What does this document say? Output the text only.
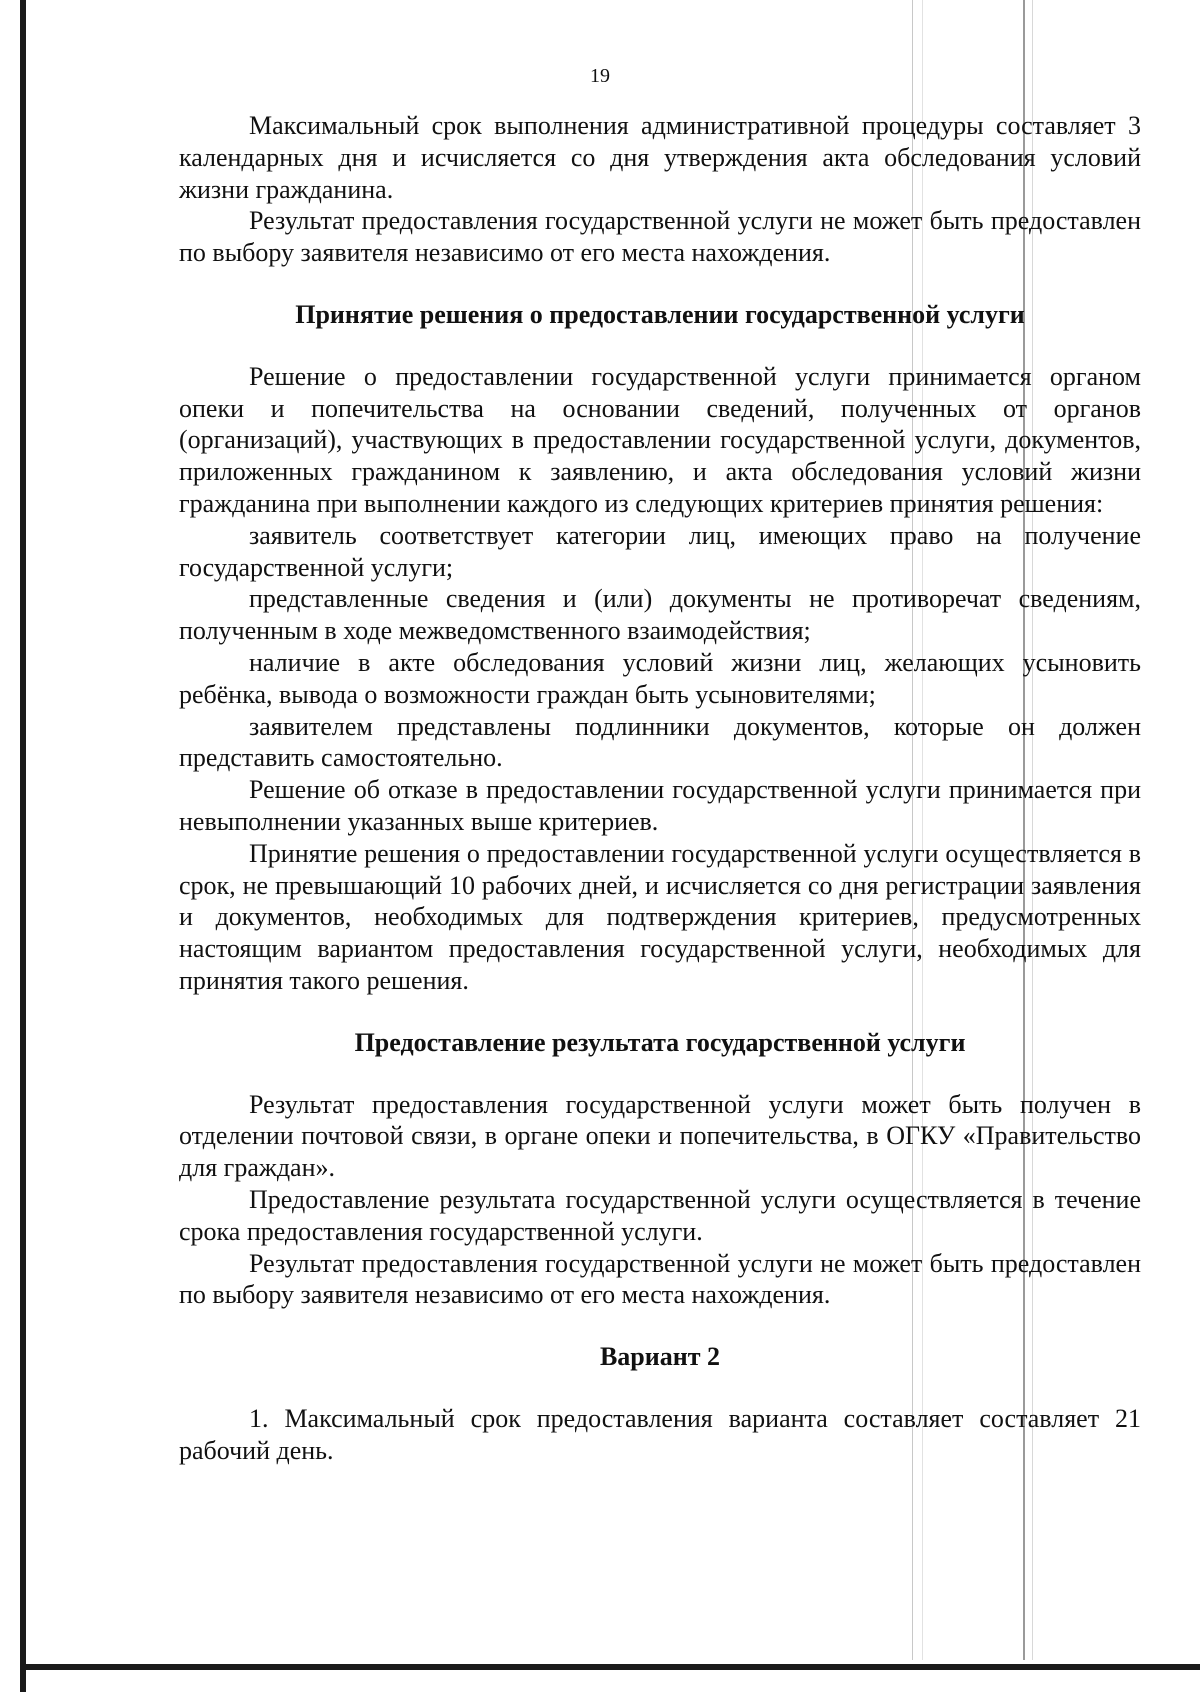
19

Максимальный срок выполнения административной процедуры составляет 3 календарных дня и исчисляется со дня утверждения акта обследования условий жизни гражданина.

Результат предоставления государственной услуги не может быть предоставлен по выбору заявителя независимо от его места нахождения.

Принятие решения о предоставлении государственной услуги

Решение о предоставлении государственной услуги принимается органом опеки и попечительства на основании сведений, полученных от органов (организаций), участвующих в предоставлении государственной услуги, документов, приложенных гражданином к заявлению, и акта обследования условий жизни гражданина при выполнении каждого из следующих критериев принятия решения:

заявитель соответствует категории лиц, имеющих право на получение государственной услуги;

представленные сведения и (или) документы не противоречат сведениям, полученным в ходе межведомственного взаимодействия;

наличие в акте обследования условий жизни лиц, желающих усыновить ребёнка, вывода о возможности граждан быть усыновителями;

заявителем представлены подлинники документов, которые он должен представить самостоятельно.

Решение об отказе в предоставлении государственной услуги принимается при невыполнении указанных выше критериев.

Принятие решения о предоставлении государственной услуги осуществляется в срок, не превышающий 10 рабочих дней, и исчисляется со дня регистрации заявления и документов, необходимых для подтверждения критериев, предусмотренных настоящим вариантом предоставления государственной услуги, необходимых для принятия такого решения.

Предоставление результата государственной услуги

Результат предоставления государственной услуги может быть получен в отделении почтовой связи, в органе опеки и попечительства, в ОГКУ «Правительство для граждан».

Предоставление результата государственной услуги осуществляется в течение срока предоставления государственной услуги.

Результат предоставления государственной услуги не может быть предоставлен по выбору заявителя независимо от его места нахождения.

Вариант 2

1. Максимальный срок предоставления варианта составляет составляет 21 рабочий день.
